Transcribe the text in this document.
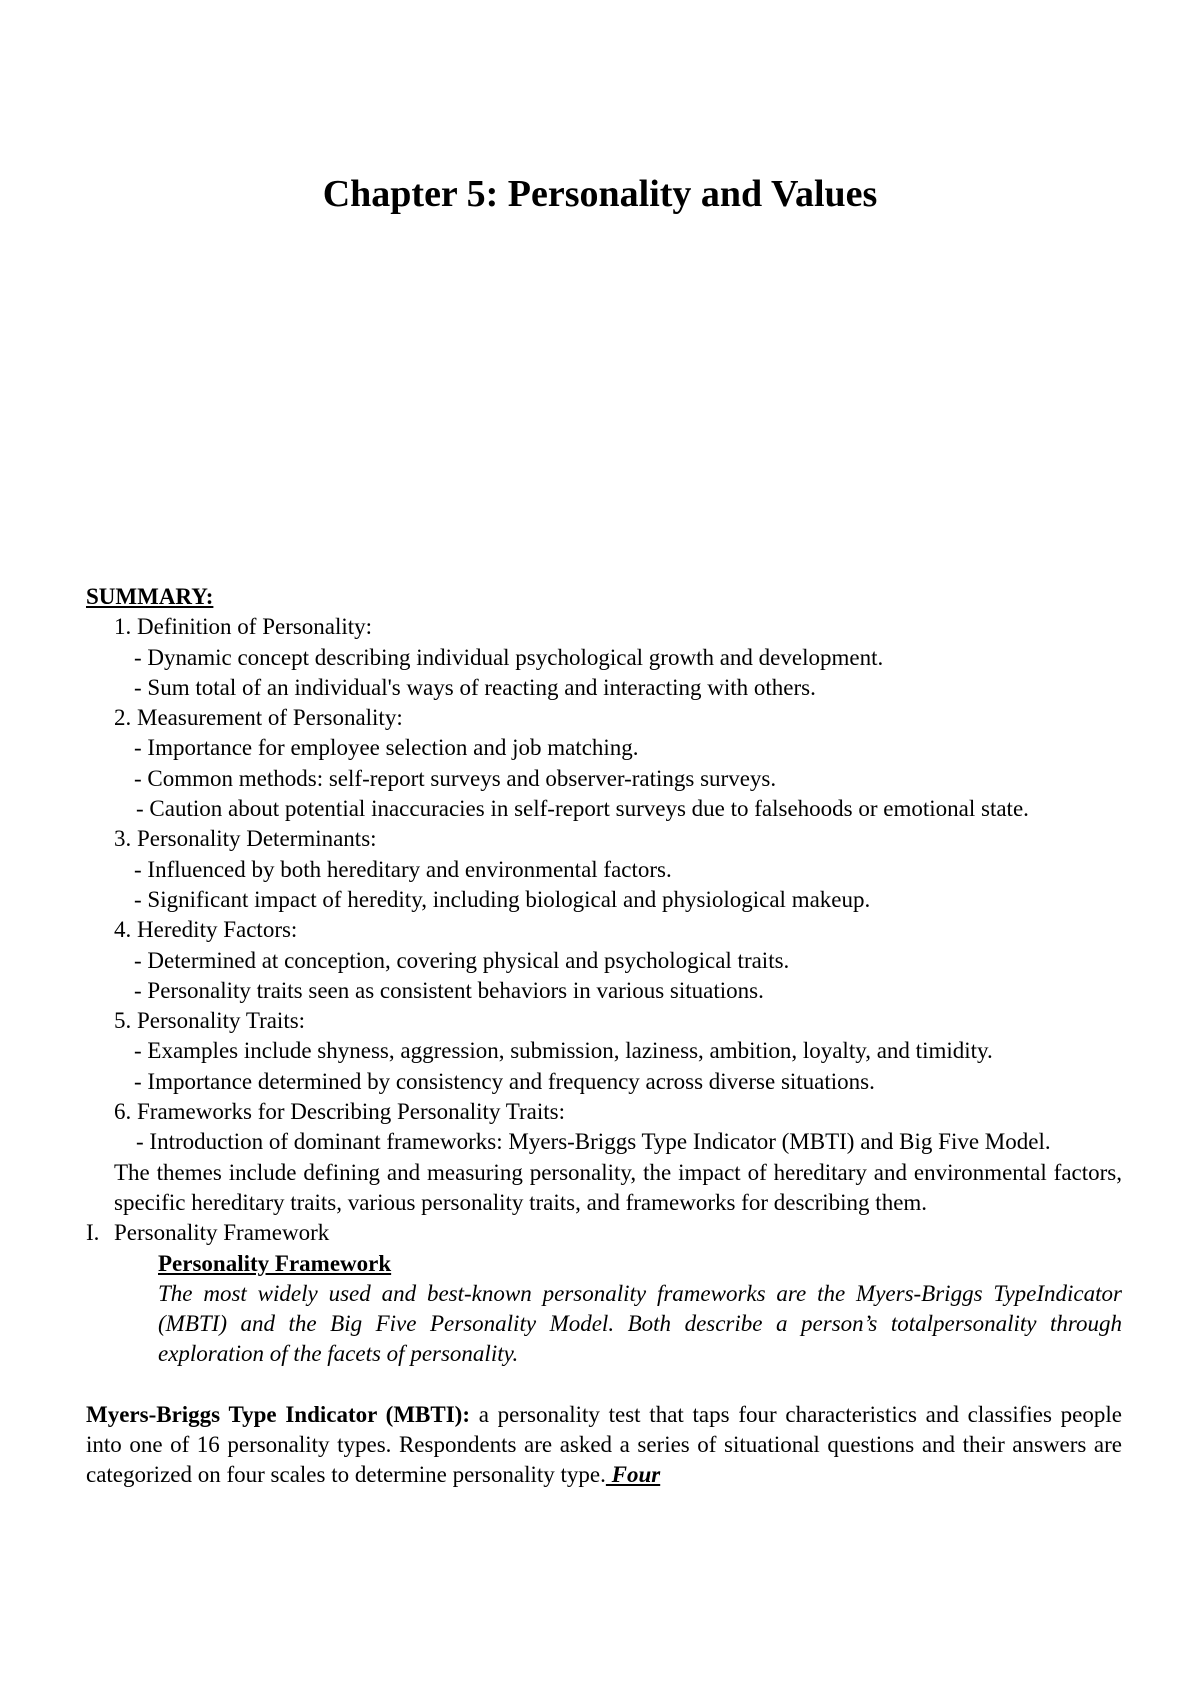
Chapter 5: Personality and Values
SUMMARY:
1. Definition of Personality:
- Dynamic concept describing individual psychological growth and development.
- Sum total of an individual's ways of reacting and interacting with others.
2. Measurement of Personality:
- Importance for employee selection and job matching.
- Common methods: self-report surveys and observer-ratings surveys.
- Caution about potential inaccuracies in self-report surveys due to falsehoods or emotional state.
3. Personality Determinants:
- Influenced by both hereditary and environmental factors.
- Significant impact of heredity, including biological and physiological makeup.
4. Heredity Factors:
- Determined at conception, covering physical and psychological traits.
- Personality traits seen as consistent behaviors in various situations.
5. Personality Traits:
- Examples include shyness, aggression, submission, laziness, ambition, loyalty, and timidity.
- Importance determined by consistency and frequency across diverse situations.
6. Frameworks for Describing Personality Traits:
- Introduction of dominant frameworks: Myers-Briggs Type Indicator (MBTI) and Big Five Model.
The themes include defining and measuring personality, the impact of hereditary and environmental factors, specific hereditary traits, various personality traits, and frameworks for describing them.
I. Personality Framework
Personality Framework
The most widely used and best-known personality frameworks are the Myers-Briggs TypeIndicator (MBTI) and the Big Five Personality Model. Both describe a person’s totalpersonality through exploration of the facets of personality.
Myers-Briggs Type Indicator (MBTI): a personality test that taps four characteristics and classifies people into one of 16 personality types. Respondents are asked a series of situational questions and their answers are categorized on four scales to determine personality type. Four
